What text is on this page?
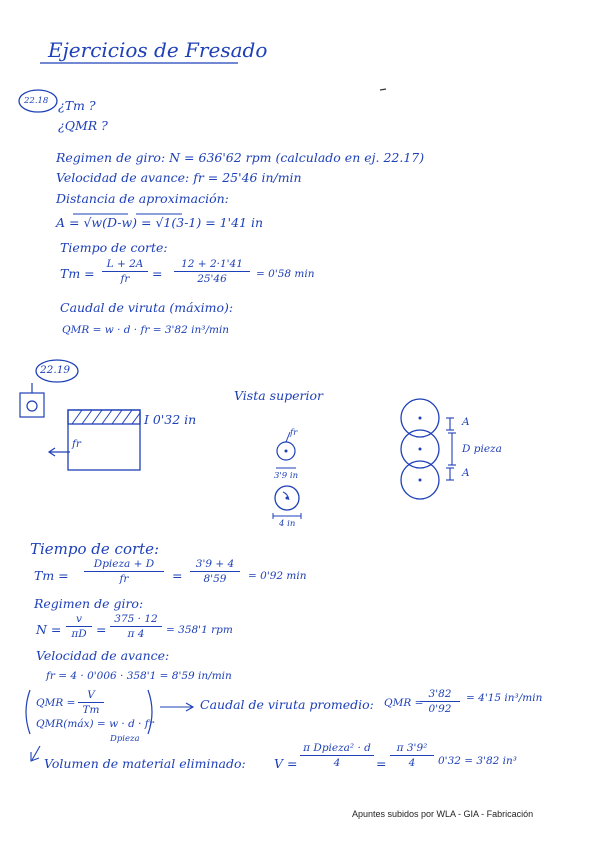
Ejercicios de Fresado
22.18 ¿Tm ?
¿QMR ?
Regimen de giro: N = 636'62 rpm (calculado en ej. 22.17)
Velocidad de avance: fr = 25'46 in/min
Distancia de aproximación:
A = √w(D-w) = √1(3-1) = 1'41 in
Tiempo de corte:
Tm =
L + 2A
fr	=
12 + 2·1'41
25'46	= 0'58 min
Caudal de viruta (máximo):
QMR = w · d · fr = 3'82 in³/min
22.19
I 0'32 in
fr
Vista superior
fr
3'9 in
4 in
A
D pieza
A
Tiempo de corte:
Tm =
Dpieza + D
fr	=
3'9 + 4
8'59	= 0'92 min
Regimen de giro:
N =
v
πD =
375 · 12
π 4	= 358'1 rpm
Velocidad de avance:
fr = 4 · 0'006 · 358'1 = 8'59 in/min
QMR =
V
Tm	Caudal de viruta promedio: QMR =
3'82
0'92
= 4'15 in³/min
QMR(máx) = w · d · fr
Dpieza
Volumen de material eliminado: V =
π Dpieza² · d
4	=
π 3'9²
4	0'32 = 3'82 in³
Apuntes subidos por WLA - GIA - Fabricación
